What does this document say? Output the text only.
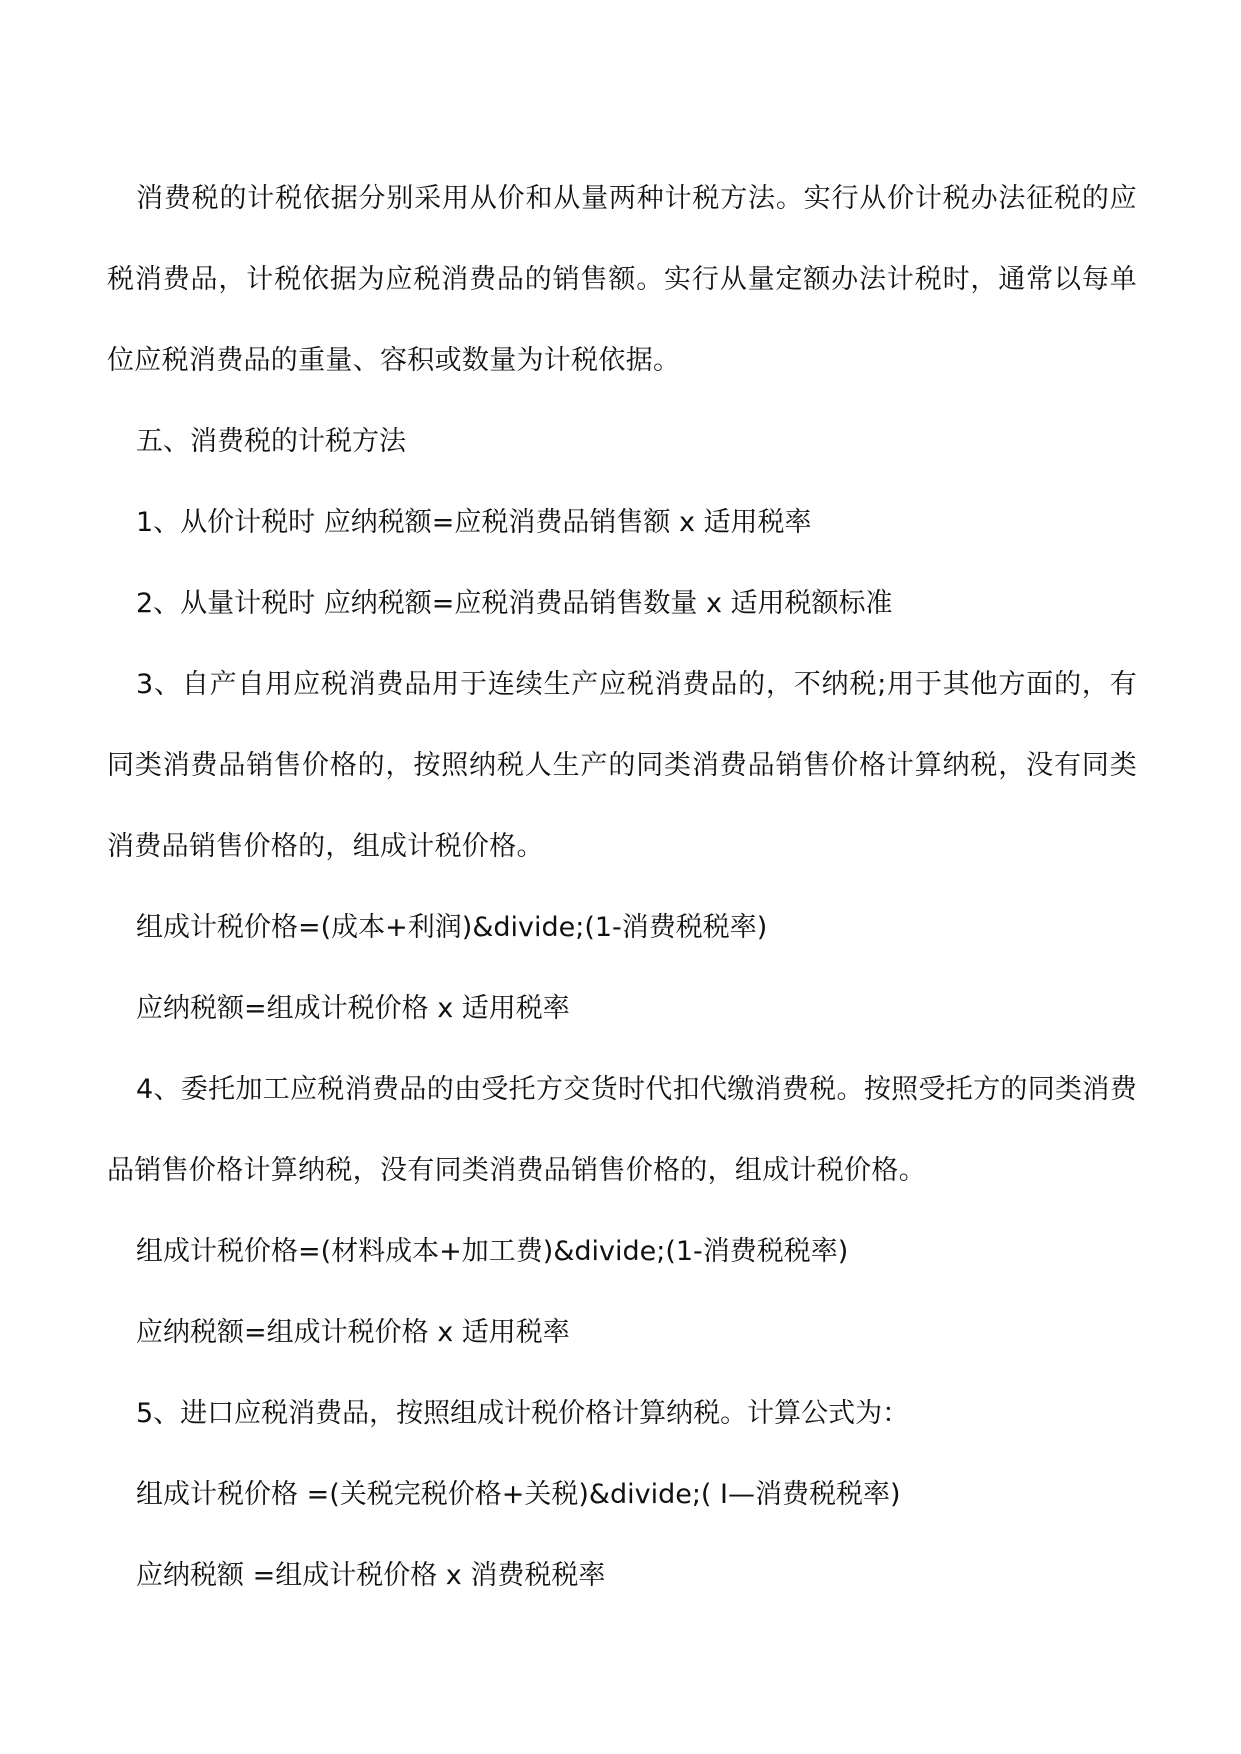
消费税的计税依据分别采用从价和从量两种计税方法。实行从价计税办法征税的应税消费品，计税依据为应税消费品的销售额。实行从量定额办法计税时，通常以每单位应税消费品的重量、容积或数量为计税依据。

五、消费税的计税方法

1、从价计税时 应纳税额=应税消费品销售额 x 适用税率

2、从量计税时 应纳税额=应税消费品销售数量 x 适用税额标准

3、自产自用应税消费品用于连续生产应税消费品的，不纳税;用于其他方面的，有同类消费品销售价格的，按照纳税人生产的同类消费品销售价格计算纳税，没有同类消费品销售价格的，组成计税价格。

组成计税价格=(成本+利润)&divide;(1-消费税税率)

应纳税额=组成计税价格 x 适用税率

4、委托加工应税消费品的由受托方交货时代扣代缴消费税。按照受托方的同类消费品销售价格计算纳税，没有同类消费品销售价格的，组成计税价格。

组成计税价格=(材料成本+加工费)&divide;(1-消费税税率)

应纳税额=组成计税价格 x 适用税率

5、进口应税消费品，按照组成计税价格计算纳税。计算公式为：

组成计税价格 =(关税完税价格+关税)&divide;( Ⅰ—消费税税率)

应纳税额 =组成计税价格 x 消费税税率
